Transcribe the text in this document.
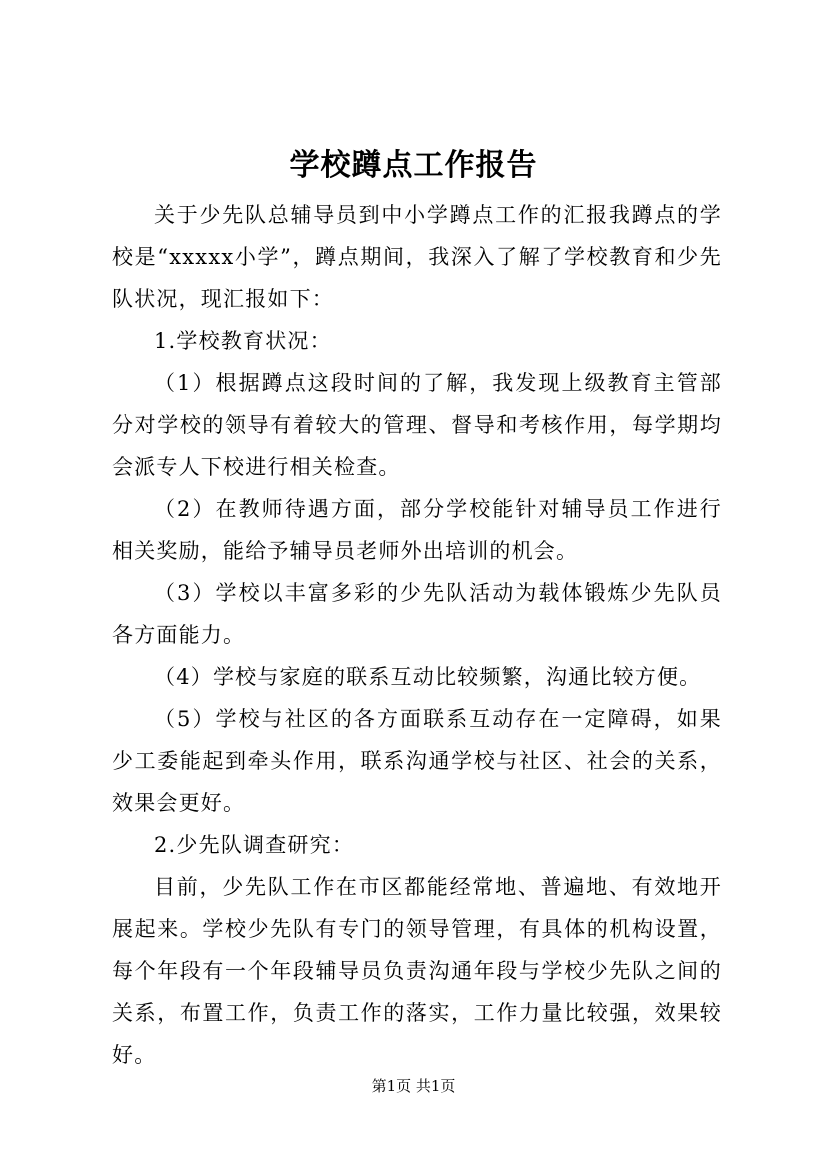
学校蹲点工作报告

关于少先队总辅导员到中小学蹲点工作的汇报我蹲点的学校是“xxxxx小学”，蹲点期间，我深入了解了学校教育和少先队状况，现汇报如下：

1.学校教育状况：

（1）根据蹲点这段时间的了解，我发现上级教育主管部分对学校的领导有着较大的管理、督导和考核作用，每学期均会派专人下校进行相关检查。

（2）在教师待遇方面，部分学校能针对辅导员工作进行相关奖励，能给予辅导员老师外出培训的机会。

（3）学校以丰富多彩的少先队活动为载体锻炼少先队员各方面能力。

（4）学校与家庭的联系互动比较频繁，沟通比较方便。

（5）学校与社区的各方面联系互动存在一定障碍，如果少工委能起到牵头作用，联系沟通学校与社区、社会的关系，效果会更好。

2.少先队调查研究：

目前，少先队工作在市区都能经常地、普遍地、有效地开展起来。学校少先队有专门的领导管理，有具体的机构设置，每个年段有一个年段辅导员负责沟通年段与学校少先队之间的关系，布置工作，负责工作的落实，工作力量比较强，效果较好。

第1页 共1页
